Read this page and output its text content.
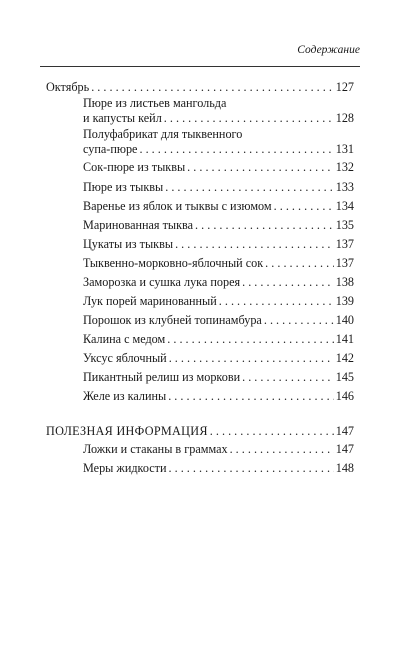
Содержание
Октябрь . . .	127
Пюре из листьев мангольда
и капусты кейл . . .	128
Полуфабрикат для тыквенного
супа-пюре . . .	131
Сок-пюре из тыквы . . .	132
Пюре из тыквы . . .	133
Варенье из яблок и тыквы с изюмом . . .	134
Маринованная тыква . . .	135
Цукаты из тыквы . . .	137
Тыквенно-морковно-яблочный сок . . .	137
Заморозка и сушка лука порея . . .	138
Лук порей маринованный . . .	139
Порошок из клубней топинамбура . . .	140
Калина с медом . . .	141
Уксус яблочный . . .	142
Пикантный релиш из моркови . . .	145
Желе из калины . . .	146
ПОЛЕЗНАЯ ИНФОРМАЦИЯ . . .	147
Ложки и стаканы в граммах . . .	147
Меры жидкости . . .	148
